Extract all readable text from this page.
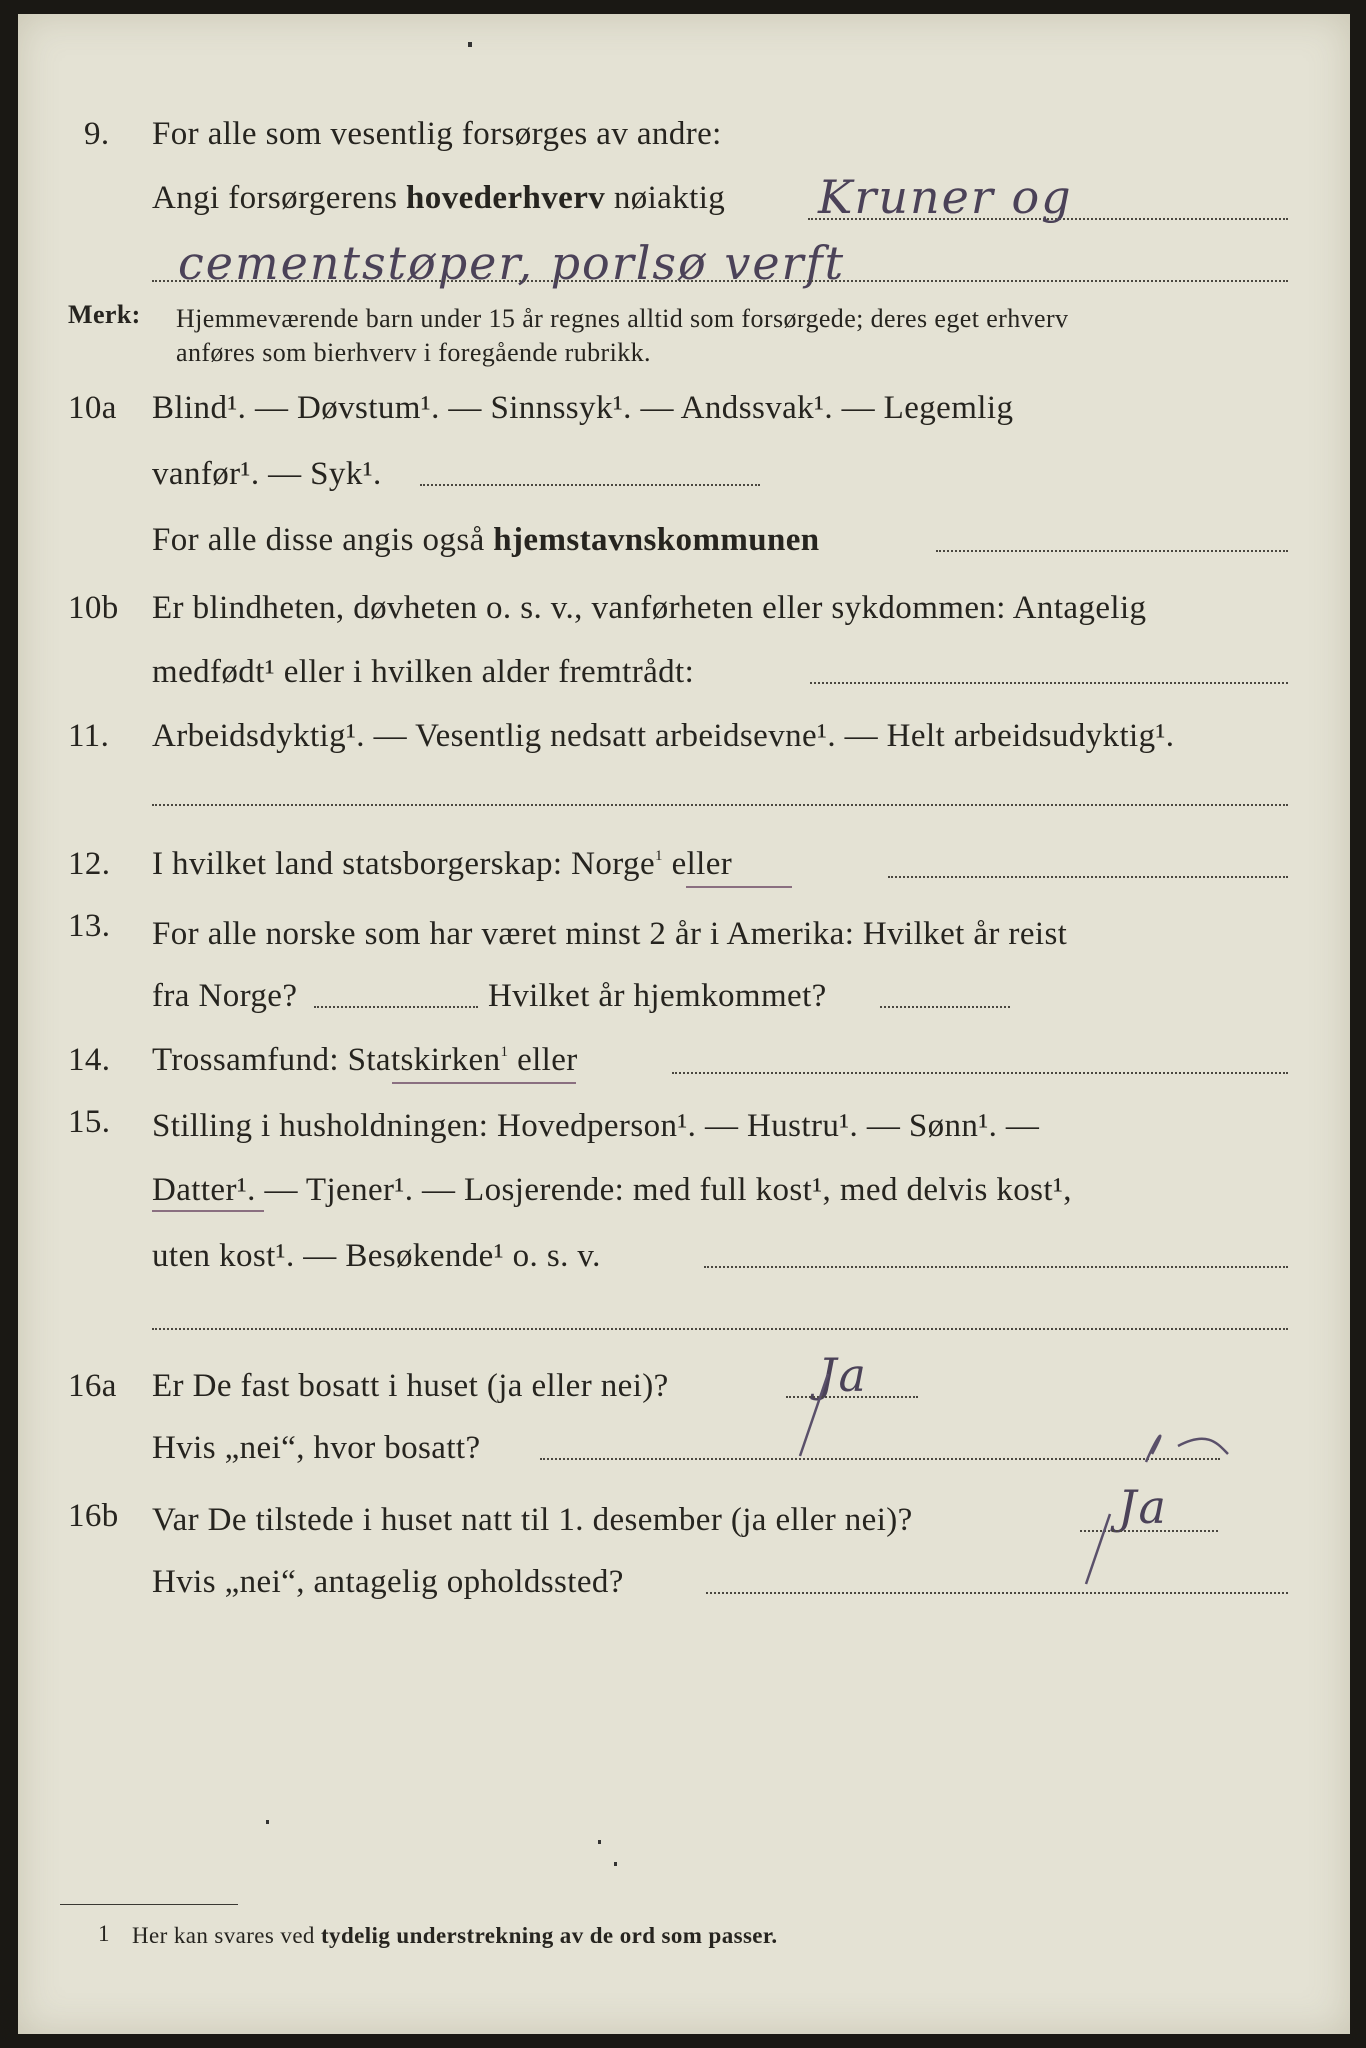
9. For alle som vesentlig forsørges av andre:
Angi forsørgerens hovederhverv nøiaktig Kruner og
cementstøper, porlsø verft
Merk: Hjemmeværende barn under 15 år regnes alltid som forsørgede; deres eget erhverv
anføres som bierhverv i foregående rubrikk.
10a Blind¹. — Døvstum¹. — Sinnssyk¹. — Andssvak¹. — Legemlig
vanfør¹. — Syk¹.
For alle disse angis også hjemstavnskommunen
10b Er blindheten, døvheten o. s. v., vanførheten eller sykdommen: Antagelig
medfødt¹ eller i hvilken alder fremtrådt:
11. Arbeidsdyktig¹. — Vesentlig nedsatt arbeidsevne¹. — Helt arbeidsudyktig¹.
12. I hvilket land statsborgerskap: Norge$^1$ eller
13. For alle norske som har været minst 2 år i Amerika: Hvilket år reist
fra Norge?	Hvilket år hjemkommet?
14. Trossamfund: Statskirken$^1$ eller
15. Stilling i husholdningen: Hovedperson¹. — Hustru¹. — Sønn¹. —
Datter¹. — Tjener¹. — Losjerende: med full kost¹, med delvis kost¹,
uten kost¹. — Besøkende¹ o. s. v.
16a Er De fast bosatt i huset (ja eller nei)?	Ja
Hvis „nei“, hvor bosatt?
16b Var De tilstede i huset natt til 1. desember (ja eller nei)?	Ja
Hvis „nei“, antagelig opholdssted?
1 Her kan svares ved tydelig understrekning av de ord som passer.
